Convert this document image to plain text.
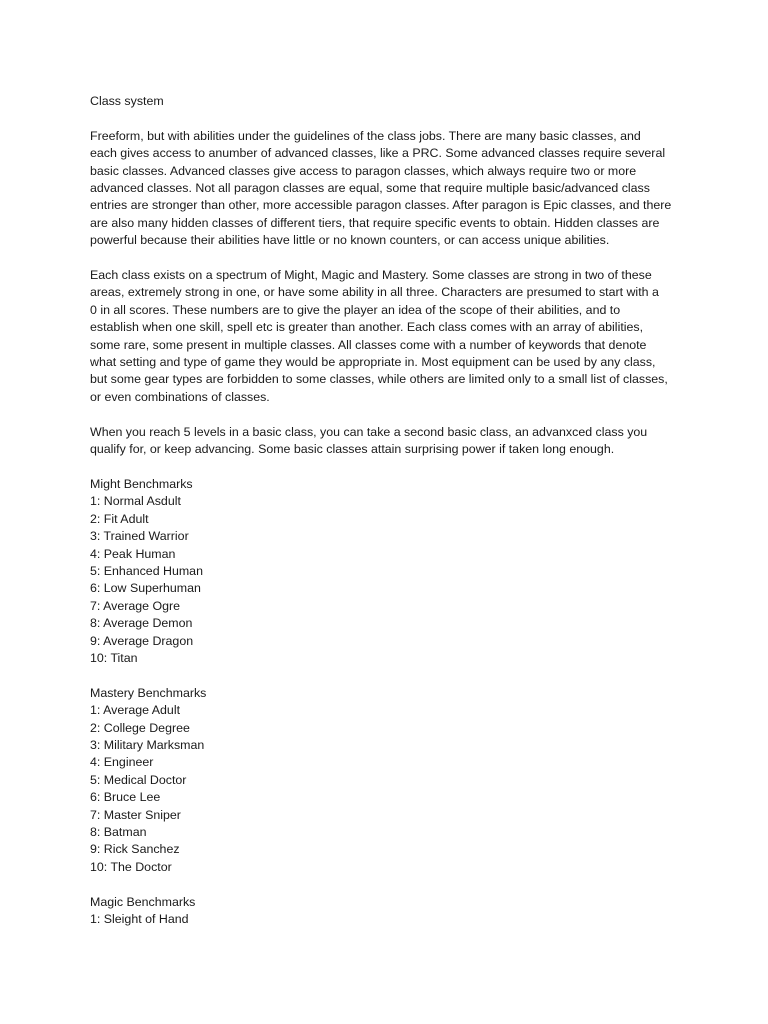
Class system
Freeform, but with abilities under the guidelines of the class jobs. There are many basic classes, and
each gives access to anumber of advanced classes, like a PRC. Some advanced classes require several
basic classes. Advanced classes give access to paragon classes, which always require two or more
advanced classes. Not all paragon classes are equal, some that require multiple basic/advanced class
entries are stronger than other, more accessible paragon classes. After paragon is Epic classes, and there
are also many hidden classes of different tiers, that require specific events to obtain. Hidden classes are
powerful because their abilities have little or no known counters, or can access unique abilities.
Each class exists on a spectrum of Might, Magic and Mastery. Some classes are strong in two of these
areas, extremely strong in one, or have some ability in all three. Characters are presumed to start with a
0 in all scores. These numbers are to give the player an idea of the scope of their abilities, and to
establish when one skill, spell etc is greater than another. Each class comes with an array of abilities,
some rare, some present in multiple classes. All classes come with a number of keywords that denote
what setting and type of game they would be appropriate in. Most equipment can be used by any class,
but some gear types are forbidden to some classes, while others are limited only to a small list of classes,
or even combinations of classes.
When you reach 5 levels in a basic class, you can take a second basic class, an advanxced class you
qualify for, or keep advancing. Some basic classes attain surprising power if taken long enough.
Might Benchmarks
1: Normal Asdult
2: Fit Adult
3: Trained Warrior
4: Peak Human
5: Enhanced Human
6: Low Superhuman
7: Average Ogre
8: Average Demon
9: Average Dragon
10: Titan
Mastery Benchmarks
1: Average Adult
2: College Degree
3: Military Marksman
4: Engineer
5: Medical Doctor
6: Bruce Lee
7: Master Sniper
8: Batman
9: Rick Sanchez
10: The Doctor
Magic Benchmarks
1: Sleight of Hand
